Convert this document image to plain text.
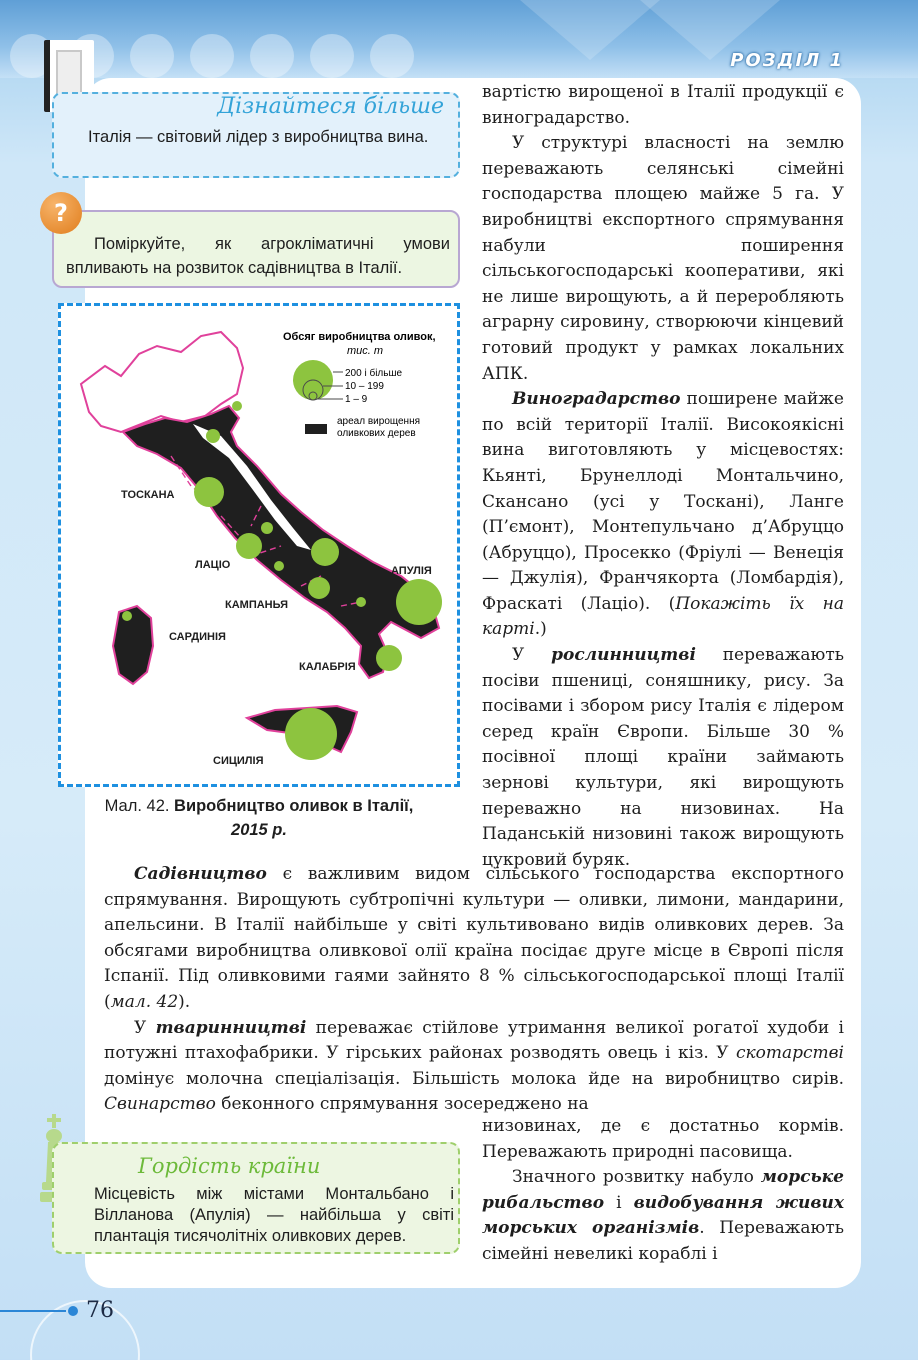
РОЗДІЛ 1
Дізнайтеся більше
Італія — світовий лідер з виробництва вина.
?
Поміркуйте, як агрокліматичні умови впливають на розвиток садівництва в Італії.
Обсяг виробництва оливок,
тис. т
200 і більше
10 – 199
1 – 9
ареал вирощення
оливкових дерев
ТОСКАНА
ЛАЦІО
КАМПАНЬЯ
САРДИНІЯ
АПУЛІЯ
КАЛАБРІЯ
СИЦИЛІЯ
Мал. 42. Виробництво оливок в Італії,
2015 р.

вартістю вирощеної в Італії продукції є виноградарство.

У структурі власності на землю переважають селянські сімейні господарства площею майже 5 га. У виробництві експортного спрямування набули поширення сільськогосподарські кооперативи, які не лише вирощують, а й переробляють аграрну сировину, створюючи кінцевий готовий продукт у рамках локальних АПК.

Виноградарство поширене майже по всій території Італії. Високоякісні вина виготовляють у місцевостях: Кьянті, Брунеллоді Монтальчино, Скансано (усі у Тоскані), Ланге (П’ємонт), Монтепульчано д’Абруццо (Абруццо), Просекко (Фріулі — Венеція — Джулія), Франчякорта (Ломбардія), Фраскаті (Лаціо). (Покажіть їх на карті.)

У рослинництві переважають посіви пшениці, соняшнику, рису. За посівами і збором рису Італія є лідером серед країн Європи. Більше 30 % посівної площі країни займають зернові культури, які вирощують переважно на низовинах. На Паданській низовині також вирощують цукровий буряк.

Садівництво є важливим видом сільського господарства експортного спрямування. Вирощують субтропічні культури — оливки, лимони, мандарини, апельсини. В Італії найбільше у світі культивовано видів оливкових дерев. За обсягами виробництва оливкової олії країна посідає друге місце в Європі після Іспанії. Під оливковими гаями зайнято 8 % сільськогосподарської площі Італії (мал. 42).

У тваринництві переважає стійлове утримання великої рогатої худоби і потужні птахофабрики. У гірських районах розводять овець і кіз. У скотарстві домінує молочна спеціалізація. Більшість молока йде на виробництво сирів. Свинарство беконного спрямування зосереджено на

низовинах, де є достатньо кормів. Переважають природні пасовища.

Значного розвитку набуло морське рибальство і видобування живих морських організмів. Переважають сімейні невеликі кораблі і

Гордість країни
Місцевість між містами Монтальбано і Вілланова (Апулія) — найбільша у світі плантація тисячолітніх оливкових дерев.
76
